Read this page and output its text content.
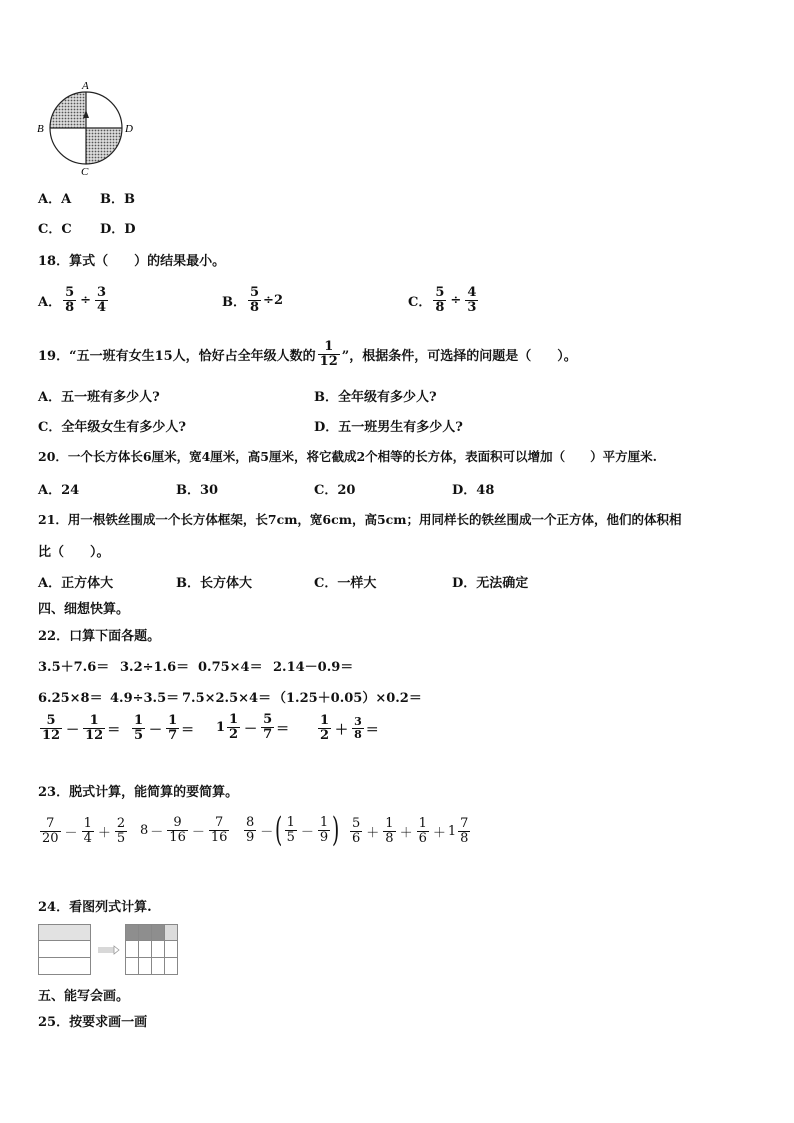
A
B	D
C
A．A B．B
C．C D．D
18．算式（　　）的结果最小。
A． $\frac{5}{8} \div \frac{3}{4}$	B． $\frac{5}{8} \div 2$	C． $\frac{5}{8} \div \frac{4}{3}$
19．“五一班有女生15人，恰好占全年级人数的 $\frac{1}{12}$ ”，根据条件，可选择的问题是（　　）。
A．五一班有多少人?	B．全年级有多少人?
C．全年级女生有多少人?	D．五一班男生有多少人?
20．一个长方体长6厘米，宽4厘米，高5厘米，将它截成2个相等的长方体，表面积可以增加（　　）平方厘米.
A．24	B．30	C．20	D．48
21．用一根铁丝围成一个长方体框架，长7cm，宽6cm，高5cm；用同样长的铁丝围成一个正方体，他们的体积相
比（　　）。
A．正方体大	B．长方体大	C．一样大	D．无法确定
四、细想快算。
22．口算下面各题。
3.5＋7.6＝ 3.2÷1.6＝ 0.75×4＝ 2.14－0.9＝
6.25×8＝ 4.9÷3.5＝ 7.5×2.5×4＝ （1.25＋0.05）×0.2＝
$\frac{5}{12} - \frac{1}{12} = \frac{1}{5} - \frac{1}{7} = 1 \frac{1}{2} - \frac{5}{7} = \frac{1}{2} + \frac{3}{8}$ ＝
23．脱式计算，能简算的要简算。
$\frac{7}{20} - \frac{1}{4} + \frac{2}{5} 8 - \frac{9}{16} - \frac{7}{16} \frac{8}{9}$ － ( $\frac{1}{5} - \frac{1}{9}$ ) $\frac{5}{6} + \frac{1}{8} + \frac{1}{6} + 1 \frac{7}{8}$
24．看图列式计算.
五、能写会画。
25．按要求画一画
